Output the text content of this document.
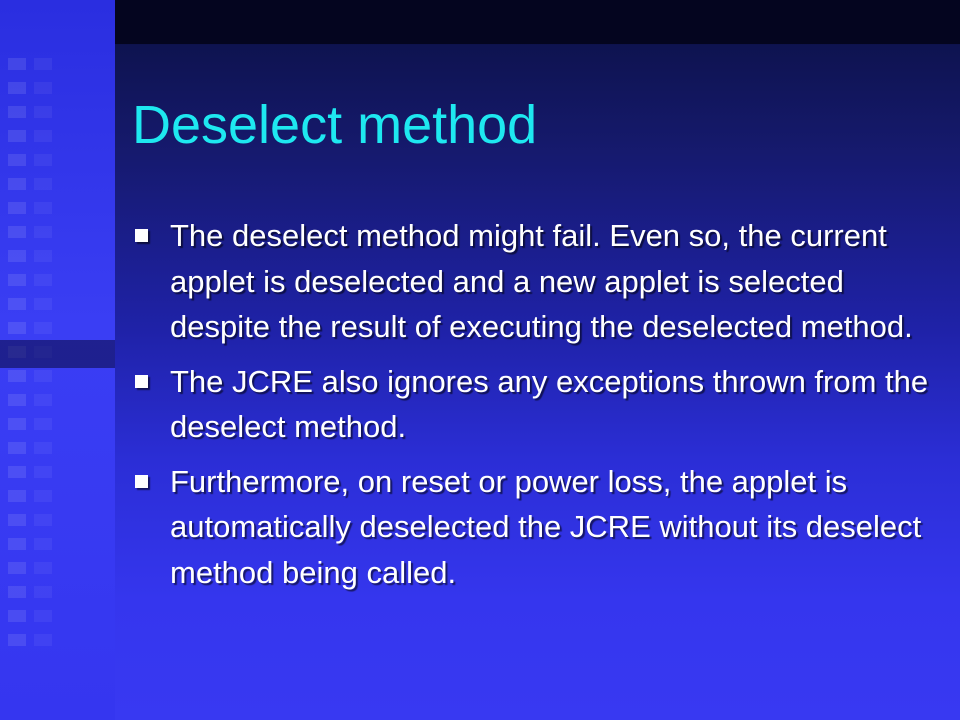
Deselect method
The deselect method might fail. Even so, the current applet is deselected and a new applet is selected despite the result of executing the deselected method.
The JCRE also ignores any exceptions thrown from the deselect method.
Furthermore, on reset or power loss, the applet is automatically deselected the JCRE without its deselect method being called.
